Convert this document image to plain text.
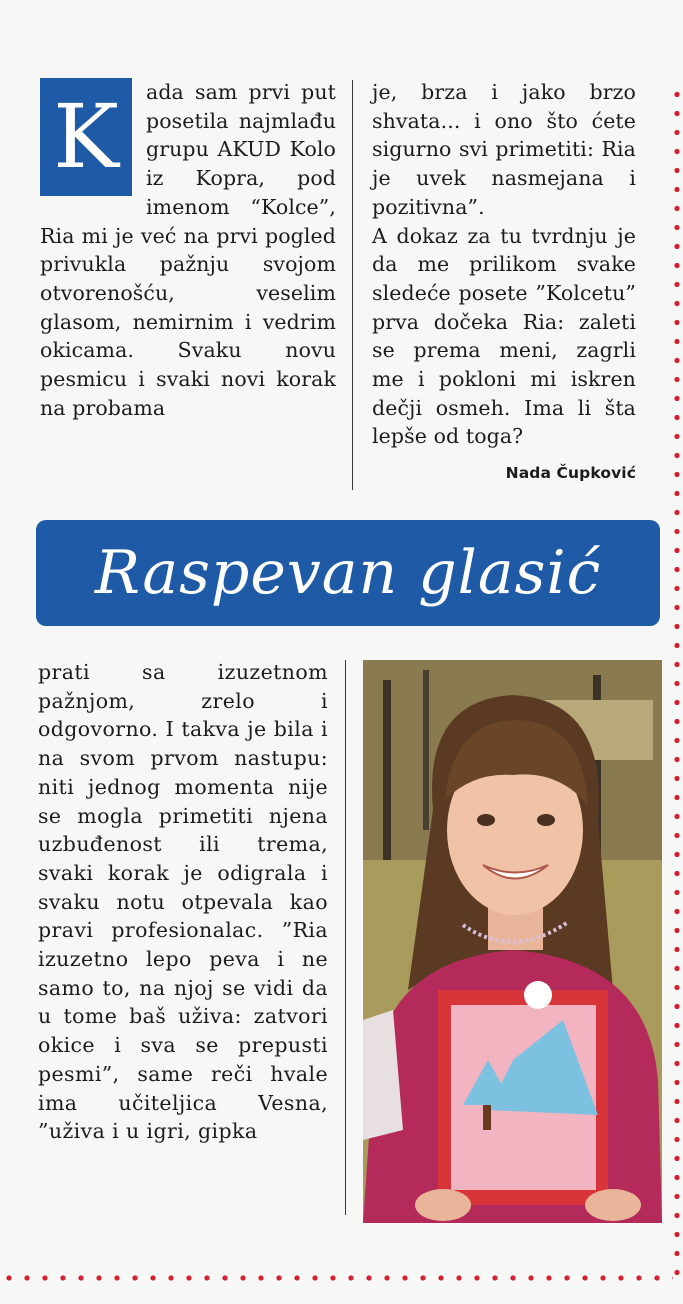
K	ada sam prvi put posetila najmlađu grupu AKUD Kolo iz Kopra, pod imenom “Kolce”, Ria mi je već na prvi pogled privukla pažnju svojom otvorenošću, veselim glasom, nemirnim i vedrim okicama. Svaku novu pesmicu i svaki novi korak na probama

je, brza i jako brzo shvata... i ono što ćete sigurno svi primetiti: Ria je uvek nasmejana i pozitivna”.

A dokaz za tu tvrdnju je da me prilikom svake sledeće posete ”Kolcetu” prva dočeka Ria: zaleti se prema meni, zagrli me i pokloni mi iskren dečji osmeh. Ima li šta lepše od toga?

Nada Čupković
Raspevan glasić

prati sa izuzetnom pažnjom, zrelo i odgovorno. I takva je bila i na svom prvom nastupu: niti jednog momenta nije se mogla primetiti njena uzbuđenost ili trema, svaki korak je odigrala i svaku notu otpevala kao pravi profesionalac. ”Ria izuzetno lepo peva i ne samo to, na njoj se vidi da u tome baš uživa: zatvori okice i sva se prepusti pesmi”, same reči hvale ima učiteljica Vesna, ”uživa i u igri, gipka
